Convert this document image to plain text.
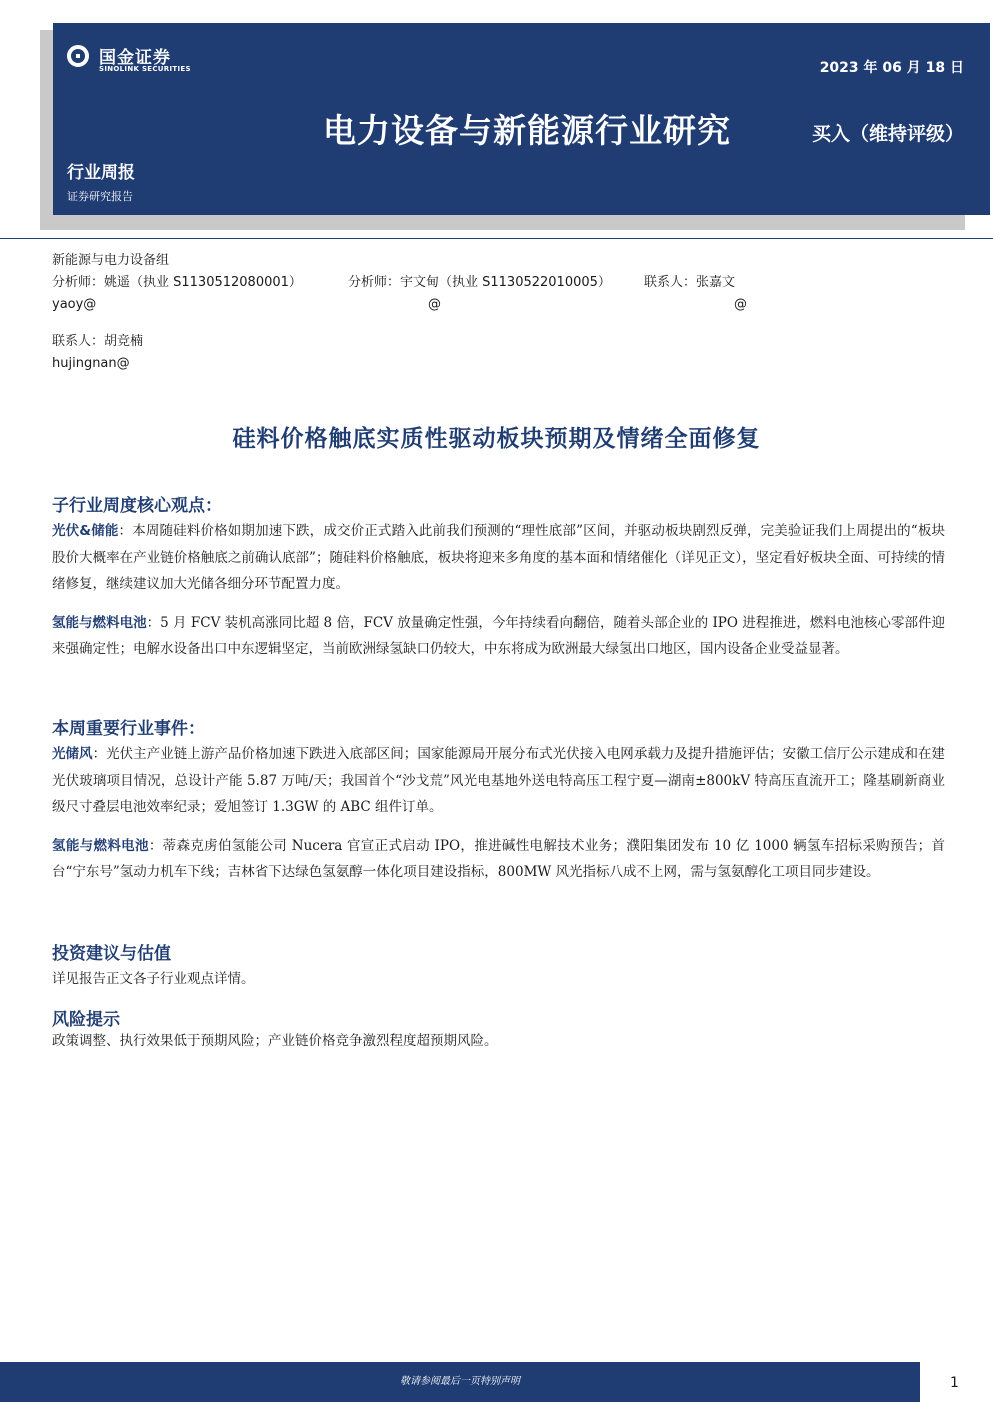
国金证券
SINOLINK SECURITIES	2023 年 06 月 18 日
电力设备与新能源行业研究	买入（维持评级）
行业周报
证券研究报告
新能源与电力设备组
分析师：姚遥（执业 S1130512080001）	分析师：宇文甸（执业 S1130522010005）	联系人：张嘉文
yaoy@	@	@
联系人：胡竞楠
hujingnan@
硅料价格触底实质性驱动板块预期及情绪全面修复
子行业周度核心观点：

光伏&储能：本周随硅料价格如期加速下跌，成交价正式踏入此前我们预测的“理性底部”区间，并驱动板块剧烈反弹，完美验证我们上周提出的“板块股价大概率在产业链价格触底之前确认底部”；随硅料价格触底，板块将迎来多角度的基本面和情绪催化（详见正文），坚定看好板块全面、可持续的情绪修复，继续建议加大光储各细分环节配置力度。

氢能与燃料电池：5 月 FCV 装机高涨同比超 8 倍，FCV 放量确定性强，今年持续看向翻倍，随着头部企业的 IPO 进程推进，燃料电池核心零部件迎来强确定性；电解水设备出口中东逻辑坚定，当前欧洲绿氢缺口仍较大，中东将成为欧洲最大绿氢出口地区，国内设备企业受益显著。

本周重要行业事件：

光储风：光伏主产业链上游产品价格加速下跌进入底部区间；国家能源局开展分布式光伏接入电网承载力及提升措施评估；安徽工信厅公示建成和在建光伏玻璃项目情况，总设计产能 5.87 万吨/天；我国首个“沙戈荒”风光电基地外送电特高压工程宁夏—湖南±800kV 特高压直流开工；隆基刷新商业级尺寸叠层电池效率纪录；爱旭签订 1.3GW 的 ABC 组件订单。

氢能与燃料电池：蒂森克虏伯氢能公司 Nucera 官宣正式启动 IPO，推进碱性电解技术业务；濮阳集团发布 10 亿 1000 辆氢车招标采购预告；首台“宁东号”氢动力机车下线；吉林省下达绿色氢氨醇一体化项目建设指标，800MW 风光指标八成不上网，需与氢氨醇化工项目同步建设。

投资建议与估值

详见报告正文各子行业观点详情。

风险提示

政策调整、执行效果低于预期风险；产业链价格竞争激烈程度超预期风险。

敬请参阅最后一页特别声明	1
